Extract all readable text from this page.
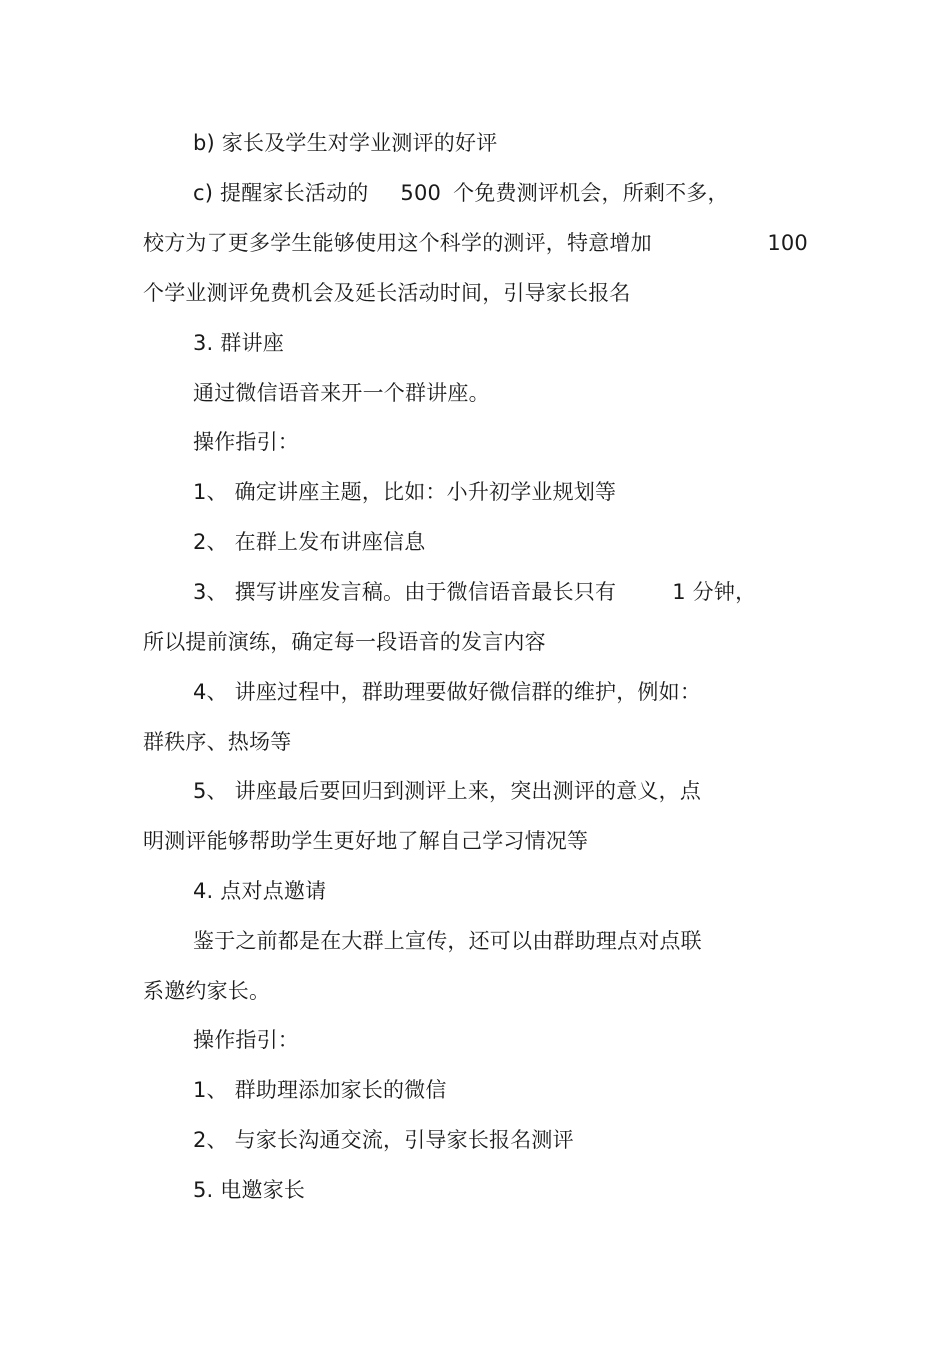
b) 家长及学生对学业测评的好评
c) 提醒家长活动的 500 个免费测评机会，所剩不多，
校方为了更多学生能够使用这个科学的测评，特意增加	100
个学业测评免费机会及延长活动时间，引导家长报名
3. 群讲座
通过微信语音来开一个群讲座。
操作指引：
1、 确定讲座主题，比如：小升初学业规划等
2、 在群上发布讲座信息
3、 撰写讲座发言稿。由于微信语音最长只有	1 分钟，
所以提前演练，确定每一段语音的发言内容
4、 讲座过程中，群助理要做好微信群的维护，例如：
群秩序、热场等
5、 讲座最后要回归到测评上来，突出测评的意义，点
明测评能够帮助学生更好地了解自己学习情况等
4. 点对点邀请
鉴于之前都是在大群上宣传，还可以由群助理点对点联
系邀约家长。
操作指引：
1、 群助理添加家长的微信
2、 与家长沟通交流，引导家长报名测评
5. 电邀家长
